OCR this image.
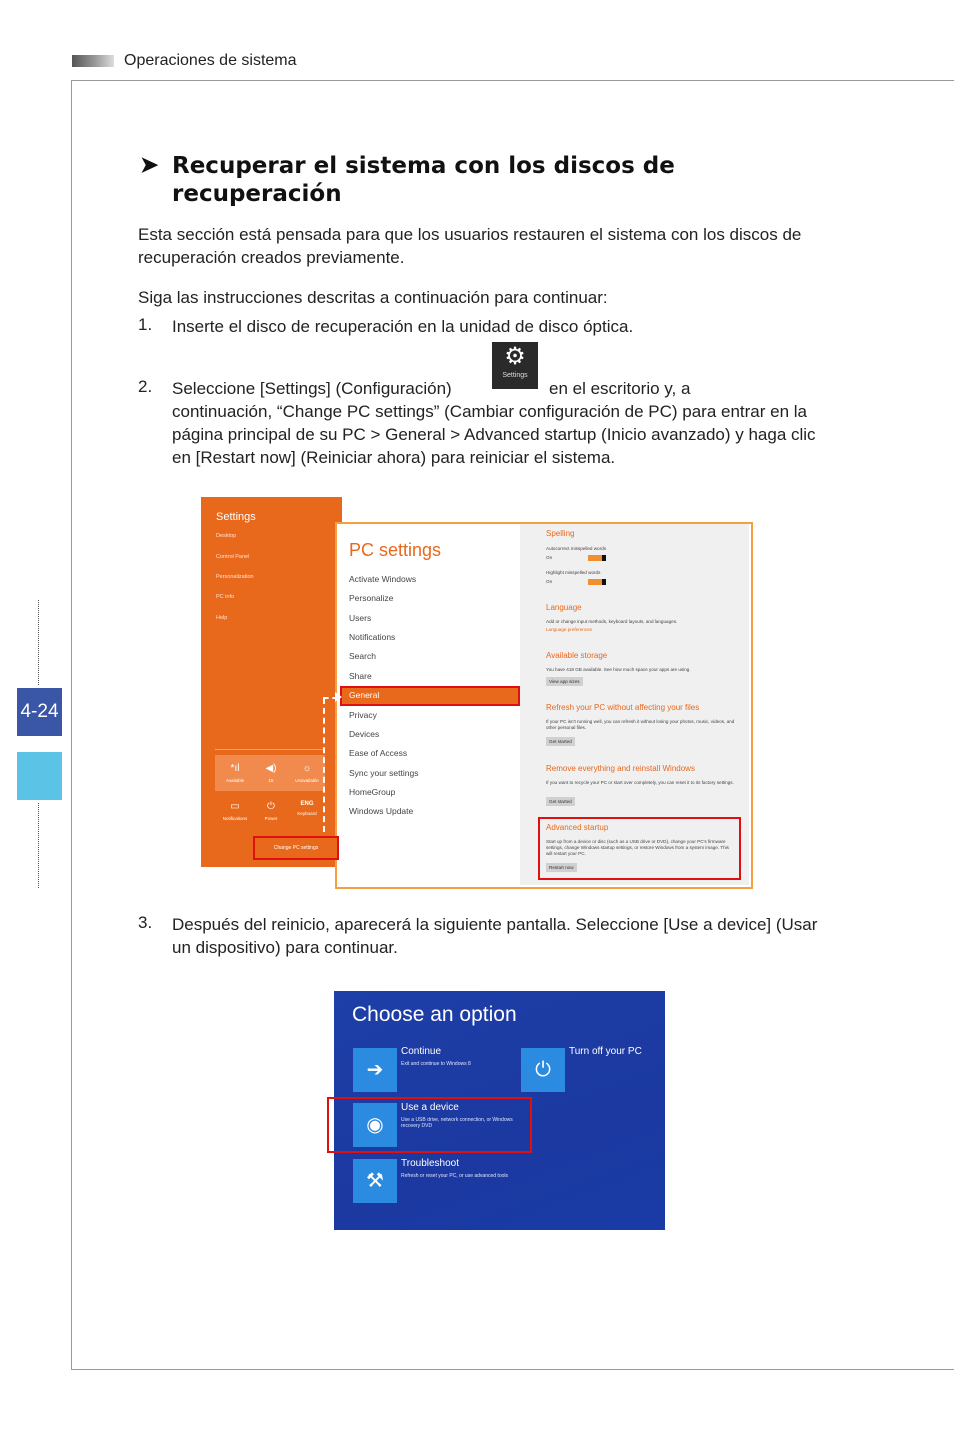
Operaciones de sistema
4-24
➤ Recuperar el sistema con los discos de recuperación
Esta sección está pensada para que los usuarios restauren el sistema con los discos de recuperación creados previamente.
Siga las instrucciones descritas a continuación para continuar:
1. Inserte el disco de recuperación en la unidad de disco óptica.
2. Seleccione [Settings] (Configuración)
⚙
Settings
en el escritorio y, a
continuación, “Change PC settings” (Cambiar configuración de PC) para entrar en la página principal de su PC > General > Advanced startup (Inicio avanzado) y haga clic en [Restart now] (Reiniciar ahora) para reiniciar el sistema.
Settings
Desktop
Control Panel
Personalization
PC info
Help
*ıl
Available
◀)
15
☼
Unavailable
▭
Notifications
⏻
Power
ENG
Keyboard
PC settings
Activate Windows
Personalize
Users
Notifications
Search
Share
General
Privacy
Devices
Ease of Access
Sync your settings
HomeGroup
Windows Update
Spelling
Autocorrect misspelled words
On
Highlight misspelled words
On
Language
Add or change input methods, keyboard layouts, and languages.
Language preferences
Available storage
You have 418 GB available. See how much space your apps are using.
View app sizes
Refresh your PC without affecting your files
If your PC isn't running well, you can refresh it without losing your photos, music, videos, and other personal files.
Get started
Remove everything and reinstall Windows
If you want to recycle your PC or start over completely, you can reset it to its factory settings.
Get started
Advanced startup
Start up from a device or disc (such as a USB drive or DVD), change your PC's firmware settings, change Windows startup settings, or restore Windows from a system image. This will restart your PC.
Restart now
Change PC settings
3. Después del reinicio, aparecerá la siguiente pantalla. Seleccione [Use a device] (Usar un dispositivo) para continuar.
Choose an option
➔
Continue
Exit and continue to Windows 8	⏻
Turn off your PC
◉
Use a device
Use a USB drive, network connection, or Windows recovery DVD
⚒
Troubleshoot
Refresh or reset your PC, or use advanced tools
